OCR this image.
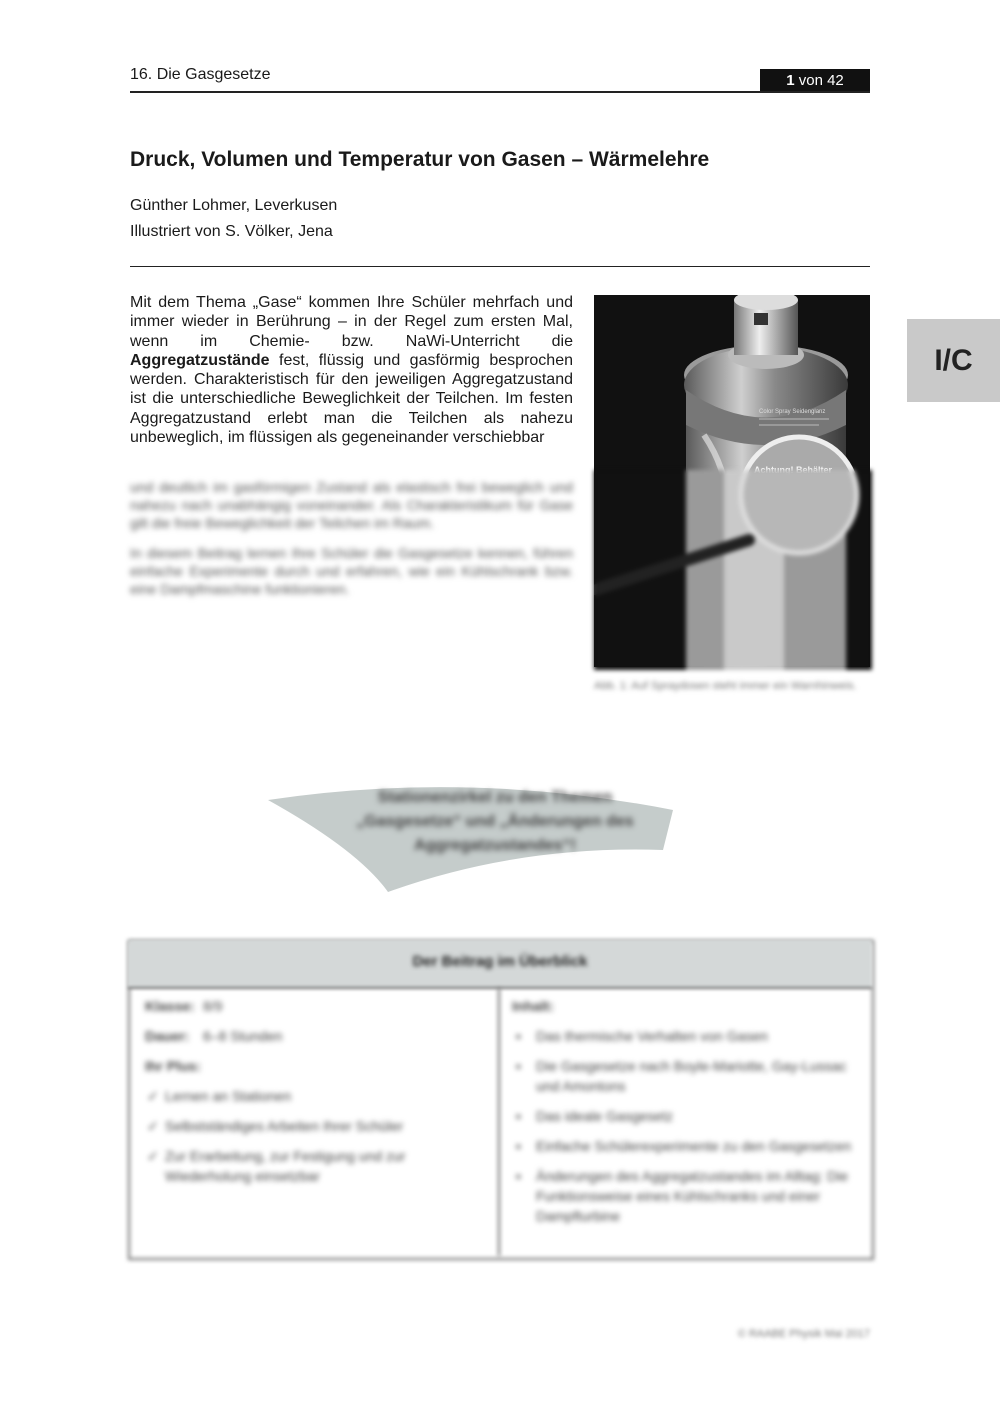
16. Die Gasgesetze	1 von 42
Druck, Volumen und Temperatur von Gasen – Wärmelehre
Günther Lohmer, Leverkusen
Illustriert von S. Völker, Jena
I/C

Mit dem Thema „Gase“ kommen Ihre Schüler mehrfach und immer wieder in Berührung – in der Regel zum ersten Mal, wenn im Chemie- bzw. NaWi-Unterricht die Aggregatzustände fest, flüssig und gasförmig besprochen werden. Charakteristisch für den jeweiligen Aggregatzustand ist die unterschiedliche Beweglichkeit der Teilchen. Im festen Aggregatzustand erlebt man die Teilchen als nahezu unbeweglich, im flüssigen als gegeneinander verschiebbar

und deutlich im gasförmigen Zustand als elastisch frei beweglich und nahezu nach unabhängig voneinander. Als Charakteristikum für Gase gilt die freie Beweglichkeit der Teilchen im Raum.

In diesem Beitrag lernen Ihre Schüler die Gasgesetze kennen, führen einfache Experimente durch und erfahren, wie ein Kühlschrank bzw. eine Dampfmaschine funktionieren.

Color Spray Seidenglanz
Abb. 1: Auf Spraydosen steht immer ein Warnhinweis.
Stationenzirkel zu den Themen „Gasgesetze“ und „Änderungen des Aggregatzustandes“!
Der Beitrag im Überblick
Klasse: 8/9
Dauer: 6–8 Stunden
Ihr Plus:
✓ Lernen an Stationen
✓ Selbstständiges Arbeiten Ihrer Schüler
✓ Zur Erarbeitung, zur Festigung und zur Wiederholung einsetzbar
Inhalt:
▪ Das thermische Verhalten von Gasen
▪ Die Gasgesetze nach Boyle-Mariotte, Gay-Lussac und Amontons
▪ Das ideale Gasgesetz
▪ Einfache Schülerexperimente zu den Gasgesetzen
▪ Änderungen des Aggregatzustandes im Alltag: Die Funktionsweise eines Kühlschranks und einer Dampfturbine
© RAABE Physik Mai 2017
